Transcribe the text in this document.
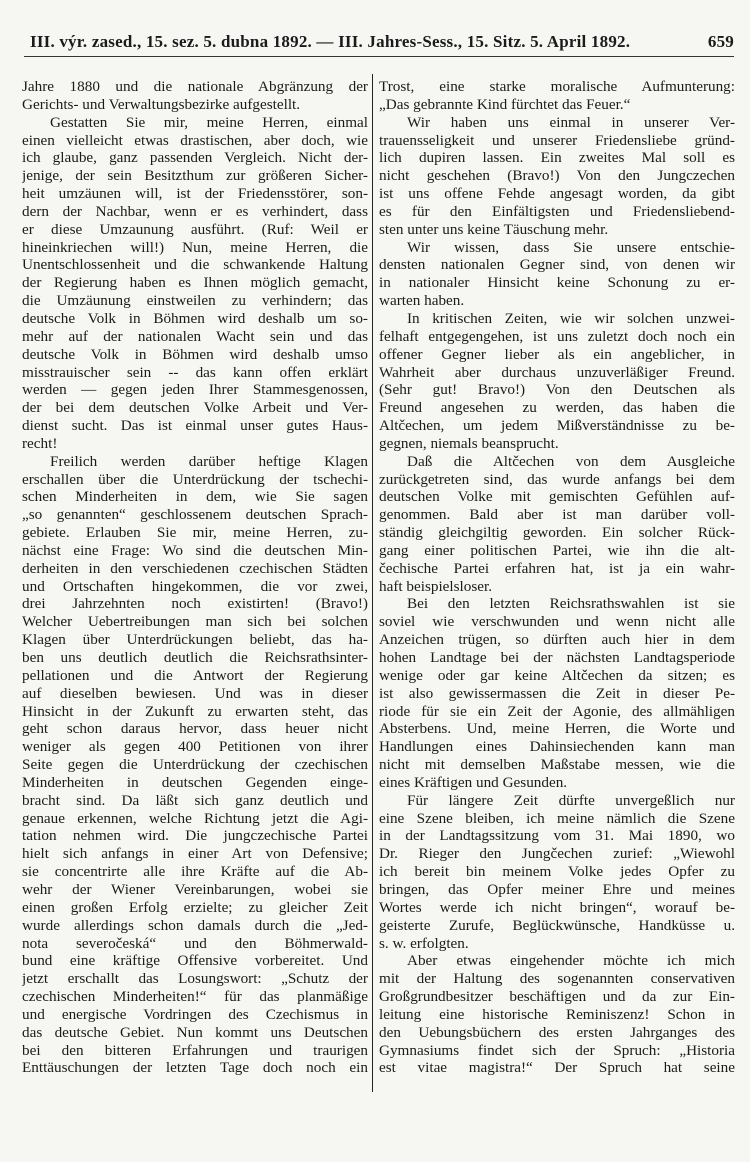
III. výr. zased., 15. sez. 5. dubna 1892. — III. Jahres-Sess., 15. Sitz. 5. April 1892.	659
Jahre 1880 und die nationale Abgränzung der
Gerichts- und Verwaltungsbezirke aufgestellt.
Gestatten Sie mir, meine Herren, einmal
einen vielleicht etwas drastischen, aber doch, wie
ich glaube, ganz passenden Vergleich. Nicht der-
jenige, der sein Besitzthum zur größeren Sicher-
heit umzäunen will, ist der Friedensstörer, son-
dern der Nachbar, wenn er es verhindert, dass
er diese Umzaunung ausführt. (Ruf: Weil er
hineinkriechen will!) Nun, meine Herren, die
Unentschlossenheit und die schwankende Haltung
der Regierung haben es Ihnen möglich gemacht,
die Umzäunung einstweilen zu verhindern; das
deutsche Volk in Böhmen wird deshalb um so-
mehr auf der nationalen Wacht sein und das
deutsche Volk in Böhmen wird deshalb umso
misstrauischer sein -- das kann offen erklärt
werden — gegen jeden Ihrer Stammesgenossen,
der bei dem deutschen Volke Arbeit und Ver-
dienst sucht. Das ist einmal unser gutes Haus-
recht!
Freilich werden darüber heftige Klagen
erschallen über die Unterdrückung der tschechi-
schen Minderheiten in dem, wie Sie sagen
„so genannten“ geschlossenem deutschen Sprach-
gebiete. Erlauben Sie mir, meine Herren, zu-
nächst eine Frage: Wo sind die deutschen Min-
derheiten in den verschiedenen czechischen Städten
und Ortschaften hingekommen, die vor zwei,
drei Jahrzehnten noch existirten! (Bravo!)
Welcher Uebertreibungen man sich bei solchen
Klagen über Unterdrückungen beliebt, das ha-
ben uns deutlich deutlich die Reichsrathsinter-
pellationen und die Antwort der Regierung
auf dieselben bewiesen. Und was in dieser
Hinsicht in der Zukunft zu erwarten steht, das
geht schon daraus hervor, dass heuer nicht
weniger als gegen 400 Petitionen von ihrer
Seite gegen die Unterdrückung der czechischen
Minderheiten in deutschen Gegenden einge-
bracht sind. Da läßt sich ganz deutlich und
genaue erkennen, welche Richtung jetzt die Agi-
tation nehmen wird. Die jungczechische Partei
hielt sich anfangs in einer Art von Defensive;
sie concentrirte alle ihre Kräfte auf die Ab-
wehr der Wiener Vereinbarungen, wobei sie
einen großen Erfolg erzielte; zu gleicher Zeit
wurde allerdings schon damals durch die „Jed-
nota severočeská“ und den Böhmerwald-
bund eine kräftige Offensive vorbereitet. Und
jetzt erschallt das Losungswort: „Schutz der
czechischen Minderheiten!“ für das planmäßige
und energische Vordringen des Czechismus in
das deutsche Gebiet. Nun kommt uns Deutschen
bei den bitteren Erfahrungen und traurigen
Enttäuschungen der letzten Tage doch noch ein
Trost, eine starke moralische Aufmunterung:
„Das gebrannte Kind fürchtet das Feuer.“
Wir haben uns einmal in unserer Ver-
trauensseligkeit und unserer Friedensliebe gründ-
lich dupiren lassen. Ein zweites Mal soll es
nicht geschehen (Bravo!) Von den Jungczechen
ist uns offene Fehde angesagt worden, da gibt
es für den Einfältigsten und Friedensliebend-
sten unter uns keine Täuschung mehr.
Wir wissen, dass Sie unsere entschie-
densten nationalen Gegner sind, von denen wir
in nationaler Hinsicht keine Schonung zu er-
warten haben.
In kritischen Zeiten, wie wir solchen unzwei-
felhaft entgegengehen, ist uns zuletzt doch noch ein
offener Gegner lieber als ein angeblicher, in
Wahrheit aber durchaus unzuverläßiger Freund.
(Sehr gut! Bravo!) Von den Deutschen als
Freund angesehen zu werden, das haben die
Altčechen, um jedem Mißverständnisse zu be-
gegnen, niemals beansprucht.
Daß die Altčechen von dem Ausgleiche
zurückgetreten sind, das wurde anfangs bei dem
deutschen Volke mit gemischten Gefühlen auf-
genommen. Bald aber ist man darüber voll-
ständig gleichgiltig geworden. Ein solcher Rück-
gang einer politischen Partei, wie ihn die alt-
čechische Partei erfahren hat, ist ja ein wahr-
haft beispielsloser.
Bei den letzten Reichsrathswahlen ist sie
soviel wie verschwunden und wenn nicht alle
Anzeichen trügen, so dürften auch hier in dem
hohen Landtage bei der nächsten Landtagsperiode
wenige oder gar keine Altčechen da sitzen; es
ist also gewissermassen die Zeit in dieser Pe-
riode für sie ein Zeit der Agonie, des allmähligen
Absterbens. Und, meine Herren, die Worte und
Handlungen eines Dahinsiechenden kann man
nicht mit demselben Maßstabe messen, wie die
eines Kräftigen und Gesunden.
Für längere Zeit dürfte unvergeßlich nur
eine Szene bleiben, ich meine nämlich die Szene
in der Landtagssitzung vom 31. Mai 1890, wo
Dr. Rieger den Jungčechen zurief: „Wiewohl
ich bereit bin meinem Volke jedes Opfer zu
bringen, das Opfer meiner Ehre und meines
Wortes werde ich nicht bringen“, worauf be-
geisterte Zurufe, Beglückwünsche, Handküsse u.
s. w. erfolgten.
Aber etwas eingehender möchte ich mich
mit der Haltung des sogenannten conservativen
Großgrundbesitzer beschäftigen und da zur Ein-
leitung eine historische Reminiszenz! Schon in
den Uebungsbüchern des ersten Jahrganges des
Gymnasiums findet sich der Spruch: „Historia
est vitae magistra!“ Der Spruch hat seine
